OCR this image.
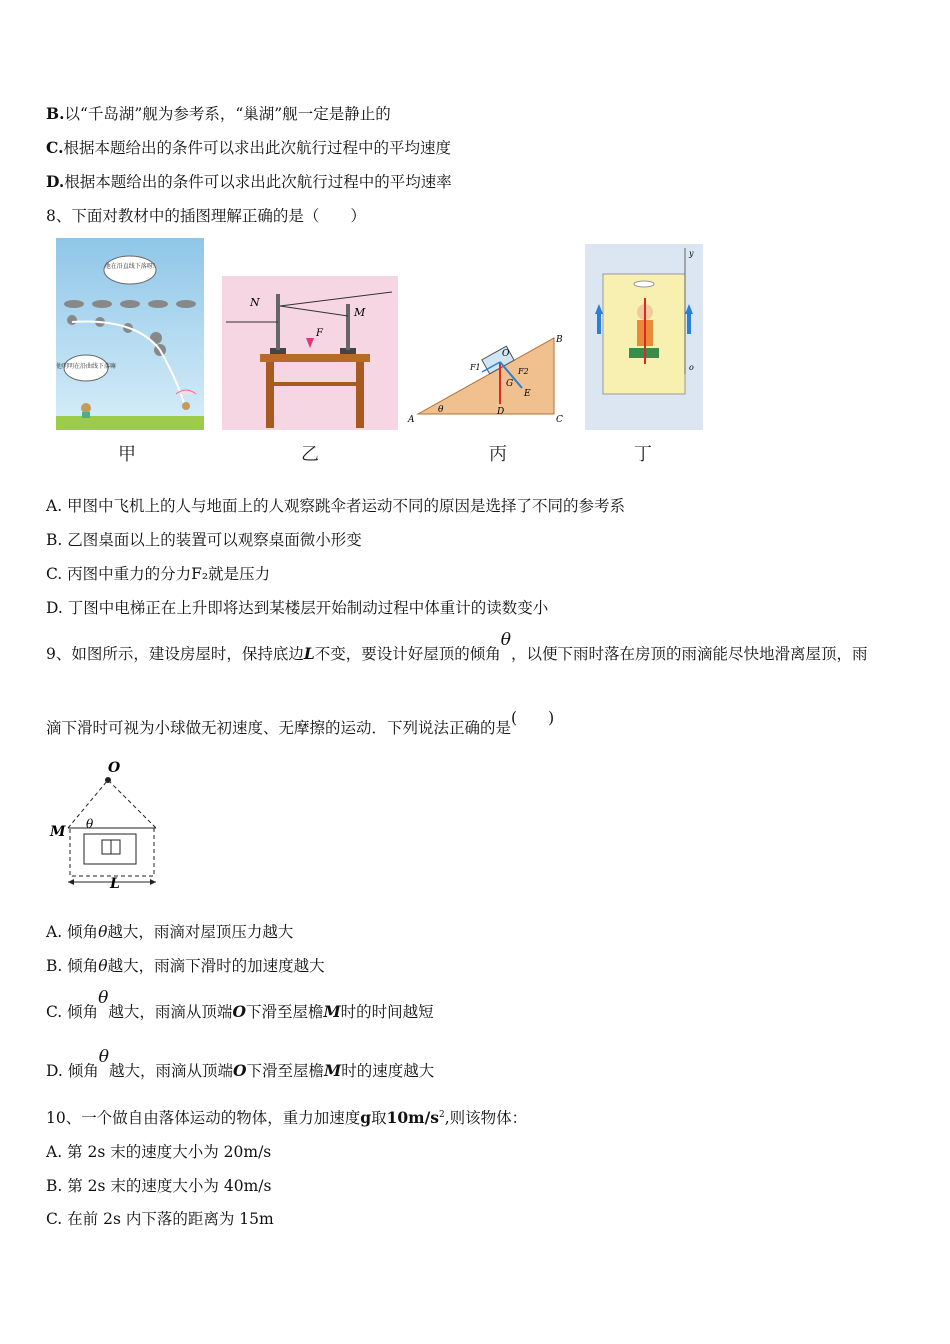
B.以“千岛湖”舰为参考系，“巢湖”舰一定是静止的
C.根据本题给出的条件可以求出此次航行过程中的平均速度
D.根据本题给出的条件可以求出此次航行过程中的平均速率
8、下面对教材中的插图理解正确的是（　　）
他在沿直线下落呀!
他明明在沿曲线下落嘛
甲
N
M
F
乙
A
B
C
D
E
O
G
F1	F2
θ
丙
y
o
丁
A. 甲图中飞机上的人与地面上的人观察跳伞者运动不同的原因是选择了不同的参考系
B. 乙图桌面以上的装置可以观察桌面微小形变
C. 丙图中重力的分力F₂就是压力
D. 丁图中电梯正在上升即将达到某楼层开始制动过程中体重计的读数变小
9、如图所示，建设房屋时，保持底边L不变，要设计好屋顶的倾角θ，以便下雨时落在房顶的雨滴能尽快地滑离屋顶，雨
滴下滑时可视为小球做无初速度、无摩擦的运动．下列说法正确的是(　　)
O
M θ
L
A. 倾角θ越大，雨滴对屋顶压力越大
B. 倾角θ越大，雨滴下滑时的加速度越大
C. 倾角θ越大，雨滴从顶端O下滑至屋檐M时的时间越短
D. 倾角θ越大，雨滴从顶端O下滑至屋檐M时的速度越大
10、一个做自由落体运动的物体，重力加速度g取$10m/s^2$,则该物体：
A. 第 2s 末的速度大小为 20m/s
B. 第 2s 末的速度大小为 40m/s
C. 在前 2s 内下落的距离为 15m
